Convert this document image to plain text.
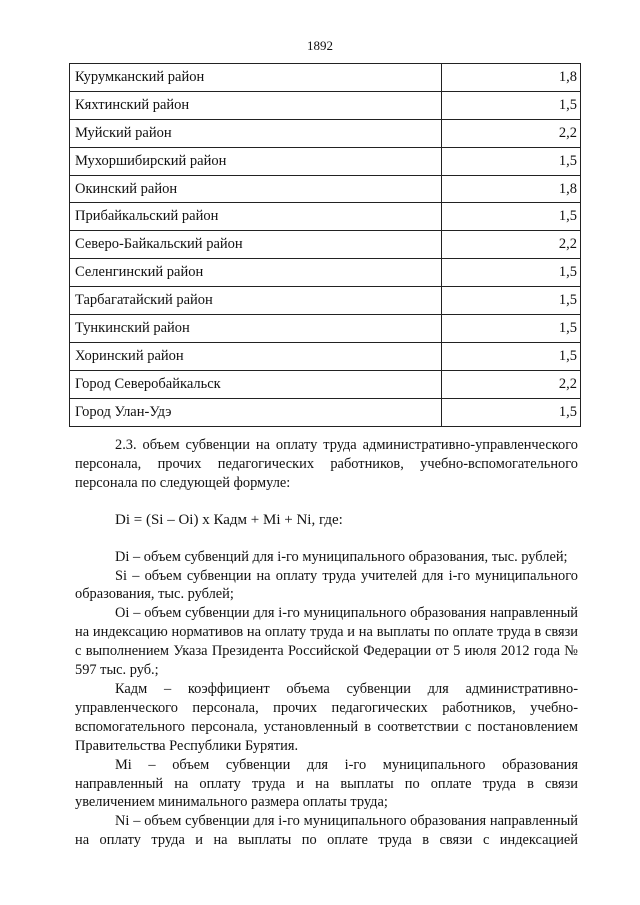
1892
Курумканский район	1,8
Кяхтинский район	1,5
Муйский район	2,2
Мухоршибирский район	1,5
Окинский район	1,8
Прибайкальский район	1,5
Северо-Байкальский район	2,2
Селенгинский район	1,5
Тарбагатайский район	1,5
Тункинский район	1,5
Хоринский район	1,5
Город Северобайкальск	2,2
Город Улан-Удэ	1,5

2.3. объем субвенции на оплату труда административно-управленческого персонала, прочих педагогических работников, учебно-вспомогательного персонала по следующей формуле:

Di = (Si – Oi) x Кадм + Mi + Ni, где:

Di – объем субвенций для i-го муниципального образования, тыс. рублей;

Si – объем субвенции на оплату труда учителей для i-го муниципального образования, тыс. рублей;

Oi – объем субвенции для i-го муниципального образования направленный на индексацию нормативов на оплату труда и на выплаты по оплате труда в связи с выполнением Указа Президента Российской Федерации от 5 июля 2012 года № 597 тыс. руб.;

Кадм – коэффициент объема субвенции для административно-управленческого персонала, прочих педагогических работников, учебно-вспомогательного персонала, установленный в соответствии с постановлением Правительства Республики Бурятия.

Mi – объем субвенции для i-го муниципального образования направленный на оплату труда и на выплаты по оплате труда в связи увеличением минимального размера оплаты труда;

Ni – объем субвенции для i-го муниципального образования направленный на оплату труда и на выплаты по оплате труда в связи с индексацией
